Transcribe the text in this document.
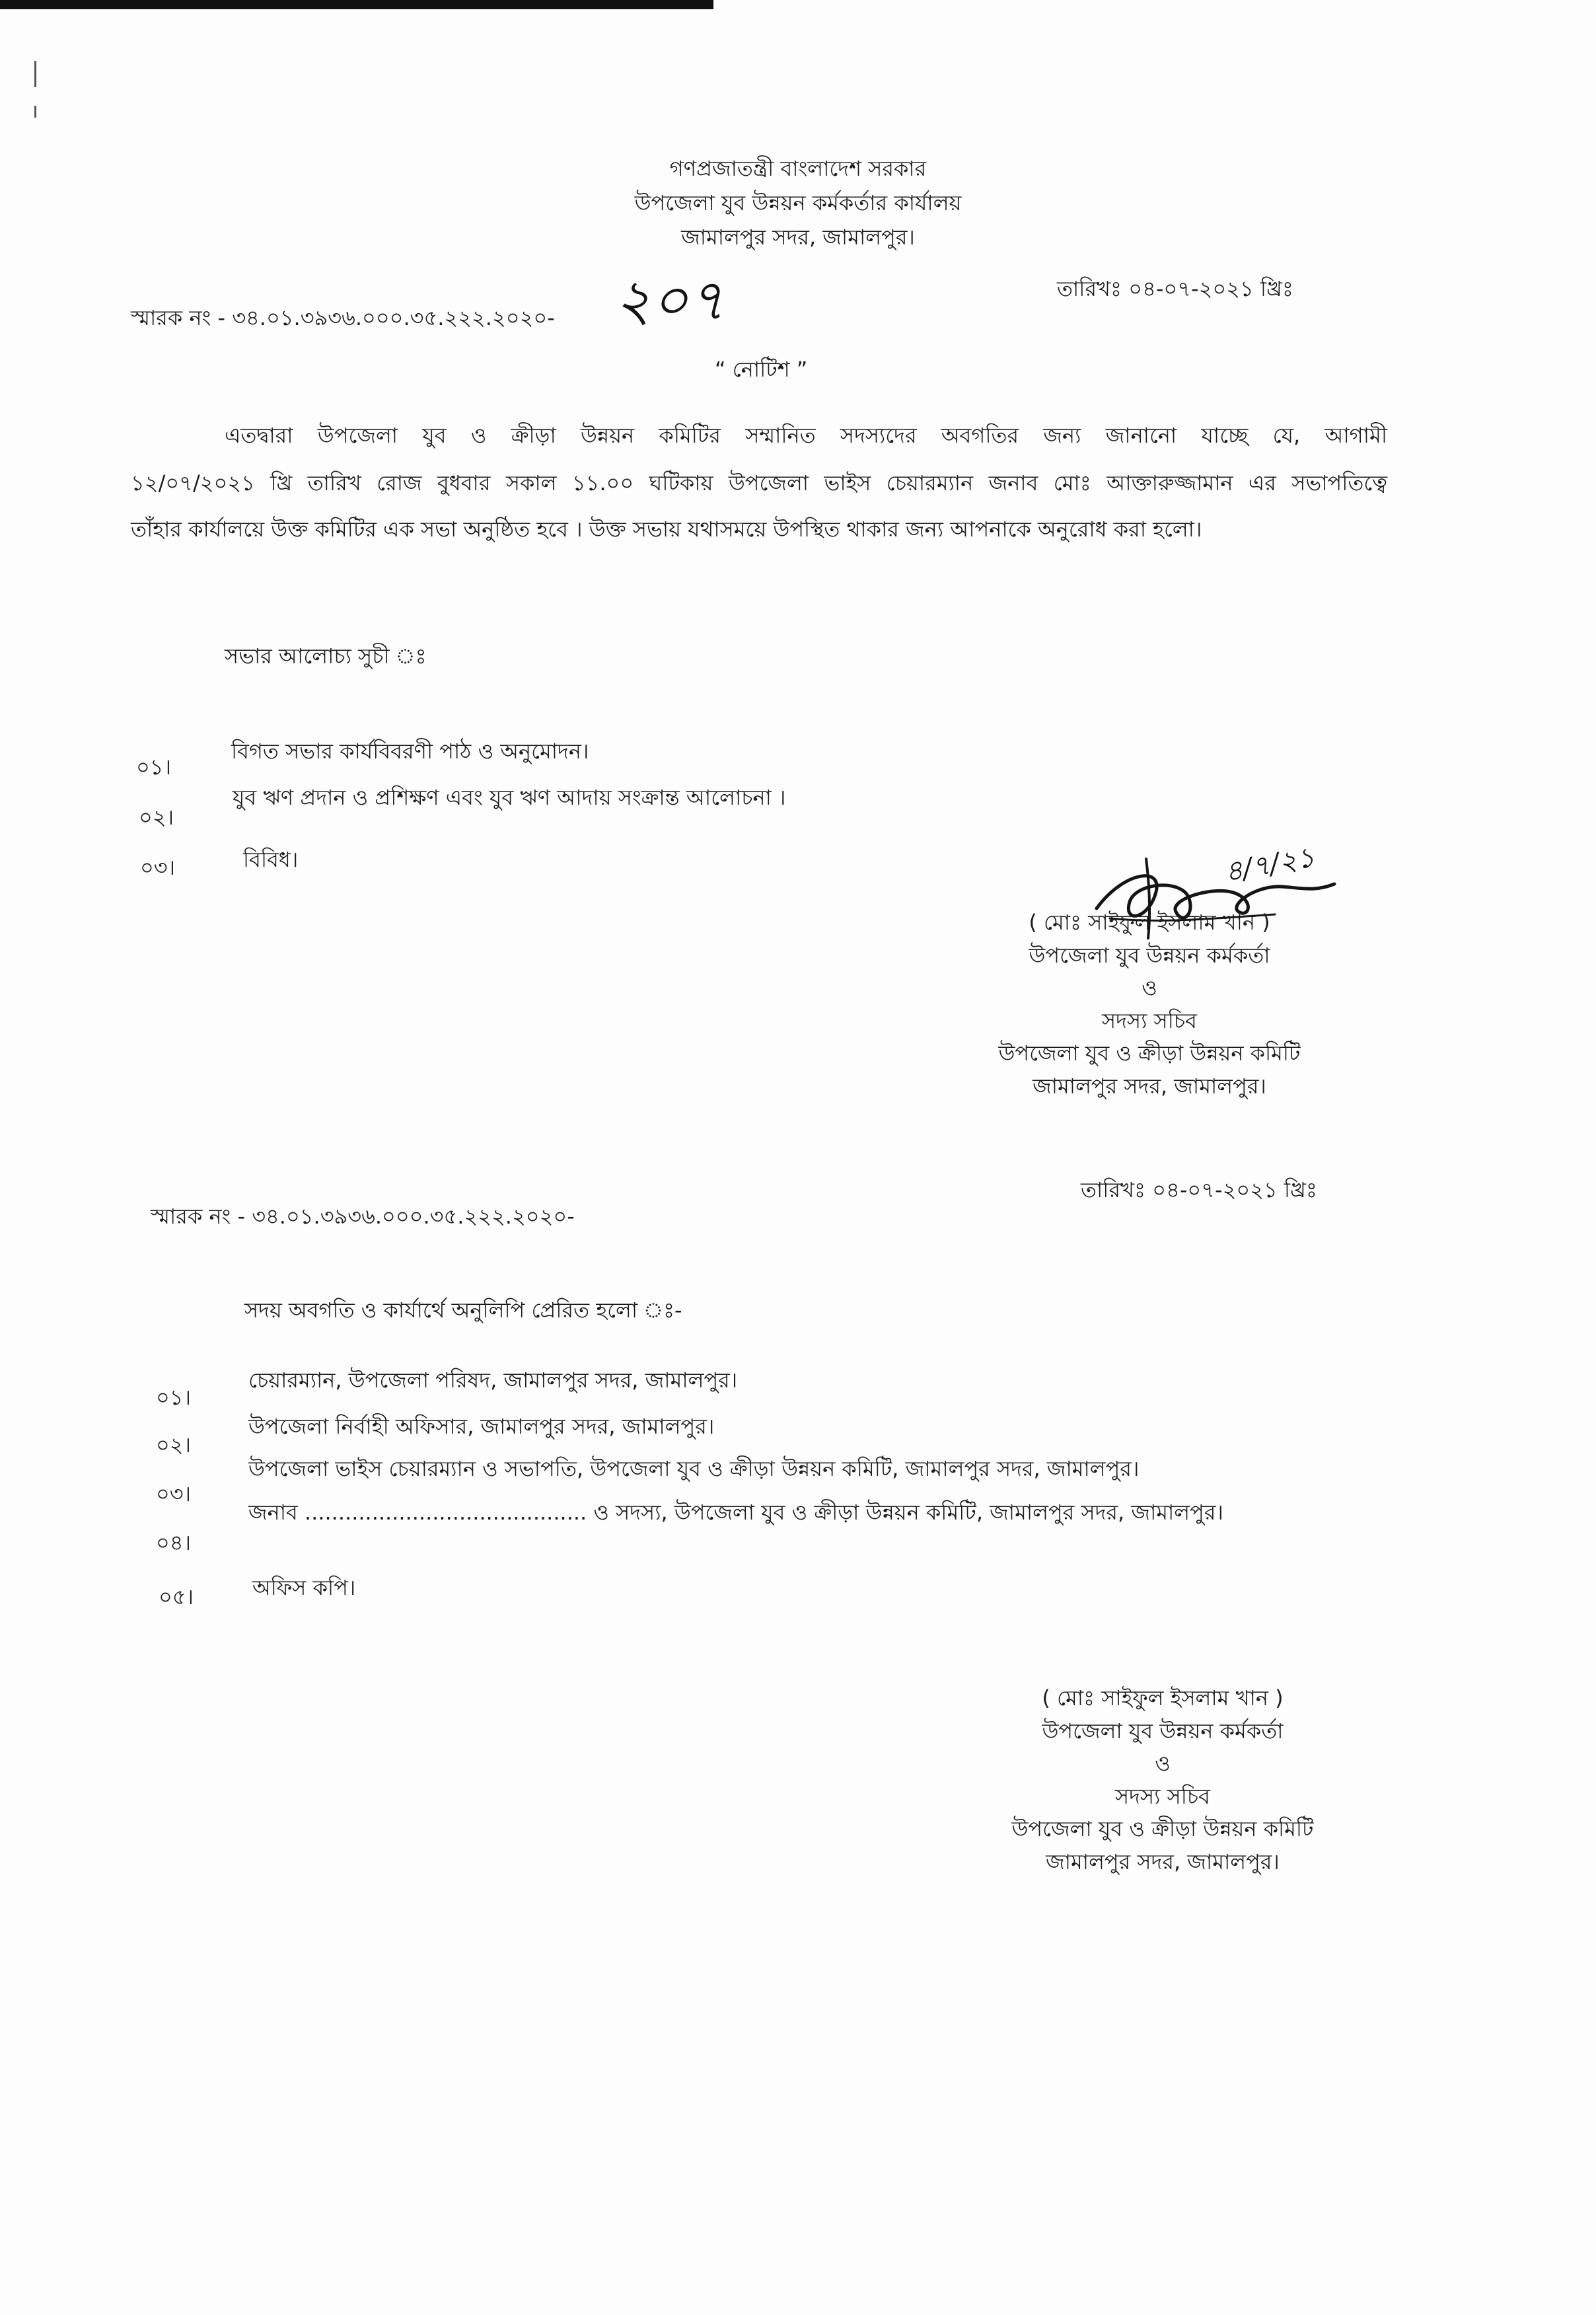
গণপ্রজাতন্ত্রী বাংলাদেশ সরকার
উপজেলা যুব উন্নয়ন কর্মকর্তার কার্যালয়
জামালপুর সদর, জামালপুর।
স্মারক নং - ৩৪.০১.৩৯৩৬.০০০.৩৫.২২২.২০২০-
তারিখঃ ০৪-০৭-২০২১ খ্রিঃ
২০৭
“ নোটিশ ”
এতদ্বারা উপজেলা যুব ও ক্রীড়া উন্নয়ন কমিটির সম্মানিত সদস্যদের অবগতির জন্য জানানো যাচ্ছে যে, আগামী
১২/০৭/২০২১ খ্রি তারিখ রোজ বুধবার সকাল ১১.০০ ঘটিকায় উপজেলা ভাইস চেয়ারম্যান জনাব মোঃ আক্তারুজ্জামান এর সভাপতিত্বে
তাঁহার কার্যালয়ে উক্ত কমিটির এক সভা অনুষ্ঠিত হবে । উক্ত সভায় যথাসময়ে উপস্থিত থাকার জন্য আপনাকে অনুরোধ করা হলো।
সভার আলোচ্য সুচী ঃ
০১।
বিগত সভার কার্যবিবরণী পাঠ ও অনুমোদন।
০২।
যুব ঋণ প্রদান ও প্রশিক্ষণ এবং যুব ঋণ আদায় সংক্রান্ত আলোচনা ।
০৩।	বিবিধ।	৪/৭/২১
( মোঃ সাইফুল ইসলাম খান )
উপজেলা যুব উন্নয়ন কর্মকর্তা
ও
সদস্য সচিব
উপজেলা যুব ও ক্রীড়া উন্নয়ন কমিটি
জামালপুর সদর, জামালপুর।
স্মারক নং - ৩৪.০১.৩৯৩৬.০০০.৩৫.২২২.২০২০-
তারিখঃ ০৪-০৭-২০২১ খ্রিঃ
সদয় অবগতি ও কার্যার্থে অনুলিপি প্রেরিত হলো ঃ-
০১।
চেয়ারম্যান, উপজেলা পরিষদ, জামালপুর সদর, জামালপুর।
০২।
উপজেলা নির্বাহী অফিসার, জামালপুর সদর, জামালপুর।
০৩।
উপজেলা ভাইস চেয়ারম্যান ও সভাপতি, উপজেলা যুব ও ক্রীড়া উন্নয়ন কমিটি, জামালপুর সদর, জামালপুর।
০৪।
জনাব .......................................... ও সদস্য, উপজেলা যুব ও ক্রীড়া উন্নয়ন কমিটি, জামালপুর সদর, জামালপুর।
০৫।	অফিস কপি।
( মোঃ সাইফুল ইসলাম খান )
উপজেলা যুব উন্নয়ন কর্মকর্তা
ও
সদস্য সচিব
উপজেলা যুব ও ক্রীড়া উন্নয়ন কমিটি
জামালপুর সদর, জামালপুর।
